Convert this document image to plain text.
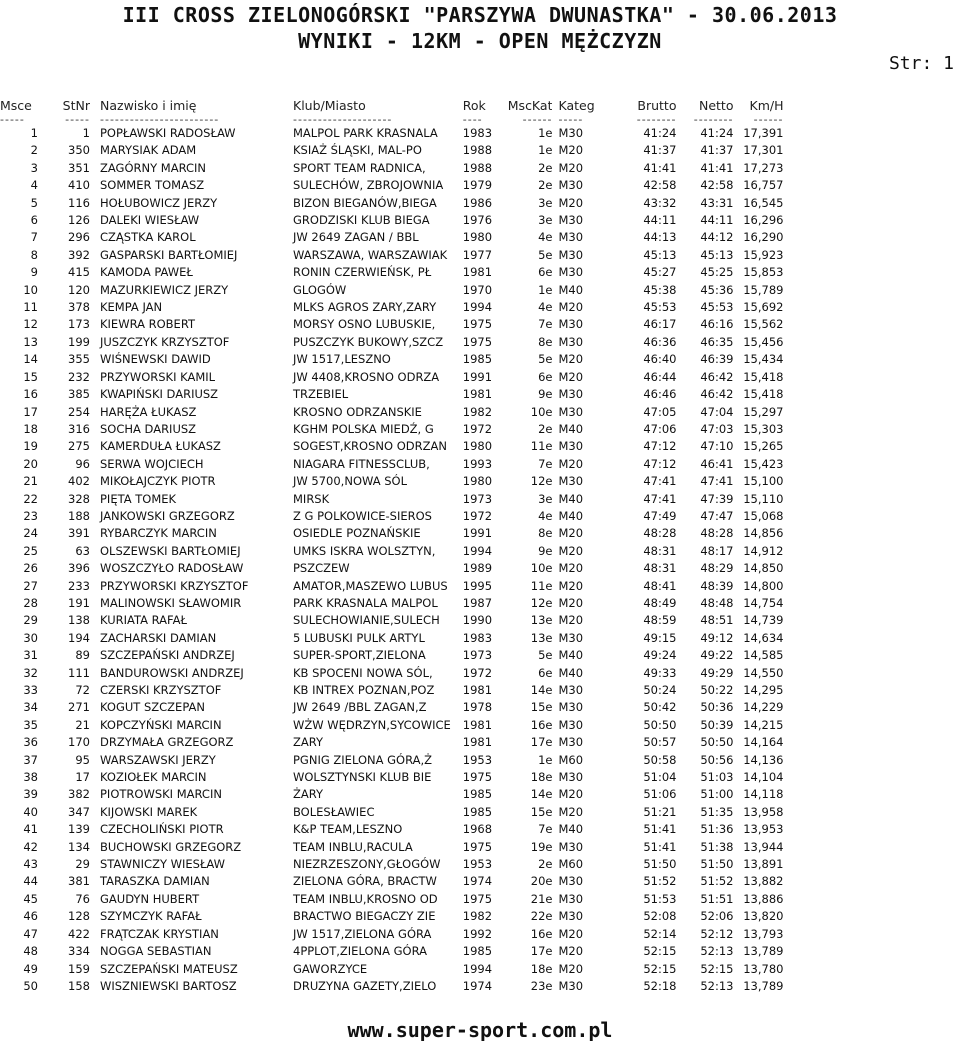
III CROSS ZIELONOGÓRSKI "PARSZYWA DWUNASTKA" - 30.06.2013
WYNIKI - 12KM - OPEN MĘŻCZYZN
Str: 1
Msce	StNr	Nazwisko i imię	Klub/Miasto	Rok	MscKat	Kateg	Brutto	Netto	Km/H
-----	-----	------------------------	--------------------	----	------	-----	--------	--------	------
1	1	POPŁAWSKI RADOSŁAW	MALPOL PARK KRASNALA	1983	1e	M30	41:24	41:24	17,391
2	350	MARYSIAK ADAM	KSIAŻ ŚLĄSKI, MAL-PO	1988	1e	M20	41:37	41:37	17,301
3	351	ZAGÓRNY MARCIN	SPORT TEAM RADNICA,	1988	2e	M20	41:41	41:41	17,273
4	410	SOMMER TOMASZ	SULECHÓW, ZBROJOWNIA	1979	2e	M30	42:58	42:58	16,757
5	116	HOŁUBOWICZ JERZY	BIZON BIEGANÓW,BIEGA	1986	3e	M20	43:32	43:31	16,545
6	126	DALEKI WIESŁAW	GRODZISKI KLUB BIEGA	1976	3e	M30	44:11	44:11	16,296
7	296	CZĄSTKA KAROL	JW 2649 ZAGAN / BBL	1980	4e	M30	44:13	44:12	16,290
8	392	GASPARSKI BARTŁOMIEJ	WARSZAWA, WARSZAWIAK	1977	5e	M30	45:13	45:13	15,923
9	415	KAMODA PAWEŁ	RONIN CZERWIEŃSK, PŁ	1981	6e	M30	45:27	45:25	15,853
10	120	MAZURKIEWICZ JERZY	GLOGÓW	1970	1e	M40	45:38	45:36	15,789
11	378	KEMPA JAN	MLKS AGROS ZARY,ZARY	1994	4e	M20	45:53	45:53	15,692
12	173	KIEWRA ROBERT	MORSY OSNO LUBUSKIE,	1975	7e	M30	46:17	46:16	15,562
13	199	JUSZCZYK KRZYSZTOF	PUSZCZYK BUKOWY,SZCZ	1975	8e	M30	46:36	46:35	15,456
14	355	WIŚNEWSKI DAWID	JW 1517,LESZNO	1985	5e	M20	46:40	46:39	15,434
15	232	PRZYWORSKI KAMIL	JW 4408,KROSNO ODRZA	1991	6e	M20	46:44	46:42	15,418
16	385	KWAPIŃSKI DARIUSZ	TRZEBIEL	1981	9e	M30	46:46	46:42	15,418
17	254	HARĘŻA ŁUKASZ	KROSNO ODRZANSKIE	1982	10e	M30	47:05	47:04	15,297
18	316	SOCHA DARIUSZ	KGHM POLSKA MIEDŹ, G	1972	2e	M40	47:06	47:03	15,303
19	275	KAMERDUŁA ŁUKASZ	SOGEST,KROSNO ODRZAN	1980	11e	M30	47:12	47:10	15,265
20	96	SERWA WOJCIECH	NIAGARA FITNESSCLUB,	1993	7e	M20	47:12	46:41	15,423
21	402	MIKOŁAJCZYK PIOTR	JW 5700,NOWA SÓL	1980	12e	M30	47:41	47:41	15,100
22	328	PIĘTA TOMEK	MIRSK	1973	3e	M40	47:41	47:39	15,110
23	188	JANKOWSKI GRZEGORZ	Z G POLKOWICE-SIEROS	1972	4e	M40	47:49	47:47	15,068
24	391	RYBARCZYK MARCIN	OSIEDLE POZNAŃSKIE	1991	8e	M20	48:28	48:28	14,856
25	63	OLSZEWSKI BARTŁOMIEJ	UMKS ISKRA WOLSZTYN,	1994	9e	M20	48:31	48:17	14,912
26	396	WOSZCZYŁO RADOSŁAW	PSZCZEW	1989	10e	M20	48:31	48:29	14,850
27	233	PRZYWORSKI KRZYSZTOF	AMATOR,MASZEWO LUBUS	1995	11e	M20	48:41	48:39	14,800
28	191	MALINOWSKI SŁAWOMIR	PARK KRASNALA MALPOL	1987	12e	M20	48:49	48:48	14,754
29	138	KURIATA RAFAŁ	SULECHOWIANIE,SULECH	1990	13e	M20	48:59	48:51	14,739
30	194	ZACHARSKI DAMIAN	5 LUBUSKI PULK ARTYL	1983	13e	M30	49:15	49:12	14,634
31	89	SZCZEPAŃSKI ANDRZEJ	SUPER-SPORT,ZIELONA	1973	5e	M40	49:24	49:22	14,585
32	111	BANDUROWSKI ANDRZEJ	KB SPOCENI NOWA SÓL,	1972	6e	M40	49:33	49:29	14,550
33	72	CZERSKI KRZYSZTOF	KB INTREX POZNAN,POZ	1981	14e	M30	50:24	50:22	14,295
34	271	KOGUT SZCZEPAN	JW 2649 /BBL ZAGAN,Z	1978	15e	M30	50:42	50:36	14,229
35	21	KOPCZYŃSKI MARCIN	WŻW WĘDRZYN,SYCOWICE	1981	16e	M30	50:50	50:39	14,215
36	170	DRZYMAŁA GRZEGORZ	ZARY	1981	17e	M30	50:57	50:50	14,164
37	95	WARSZAWSKI JERZY	PGNIG ZIELONA GÓRA,Ż	1953	1e	M60	50:58	50:56	14,136
38	17	KOZIOŁEK MARCIN	WOLSZTYNSKI KLUB BIE	1975	18e	M30	51:04	51:03	14,104
39	382	PIOTROWSKI MARCIN	ŻARY	1985	14e	M20	51:06	51:00	14,118
40	347	KIJOWSKI MAREK	BOLESŁAWIEC	1985	15e	M20	51:21	51:35	13,958
41	139	CZECHOLIŃSKI PIOTR	K&P TEAM,LESZNO	1968	7e	M40	51:41	51:36	13,953
42	134	BUCHOWSKI GRZEGORZ	TEAM INBLU,RACULA	1975	19e	M30	51:41	51:38	13,944
43	29	STAWNICZY WIESŁAW	NIEZRZESZONY,GŁOGÓW	1953	2e	M60	51:50	51:50	13,891
44	381	TARASZKA DAMIAN	ZIELONA GÓRA, BRACTW	1974	20e	M30	51:52	51:52	13,882
45	76	GAUDYN HUBERT	TEAM INBLU,KROSNO OD	1975	21e	M30	51:53	51:51	13,886
46	128	SZYMCZYK RAFAŁ	BRACTWO BIEGACZY ZIE	1982	22e	M30	52:08	52:06	13,820
47	422	FRĄTCZAK KRYSTIAN	JW 1517,ZIELONA GÓRA	1992	16e	M20	52:14	52:12	13,793
48	334	NOGGA SEBASTIAN	4PPLOT,ZIELONA GÓRA	1985	17e	M20	52:15	52:13	13,789
49	159	SZCZEPAŃSKI MATEUSZ	GAWORZYCE	1994	18e	M20	52:15	52:15	13,780
50	158	WISZNIEWSKI BARTOSZ	DRUZYNA GAZETY,ZIELO	1974	23e	M30	52:18	52:13	13,789
www.super-sport.com.pl
